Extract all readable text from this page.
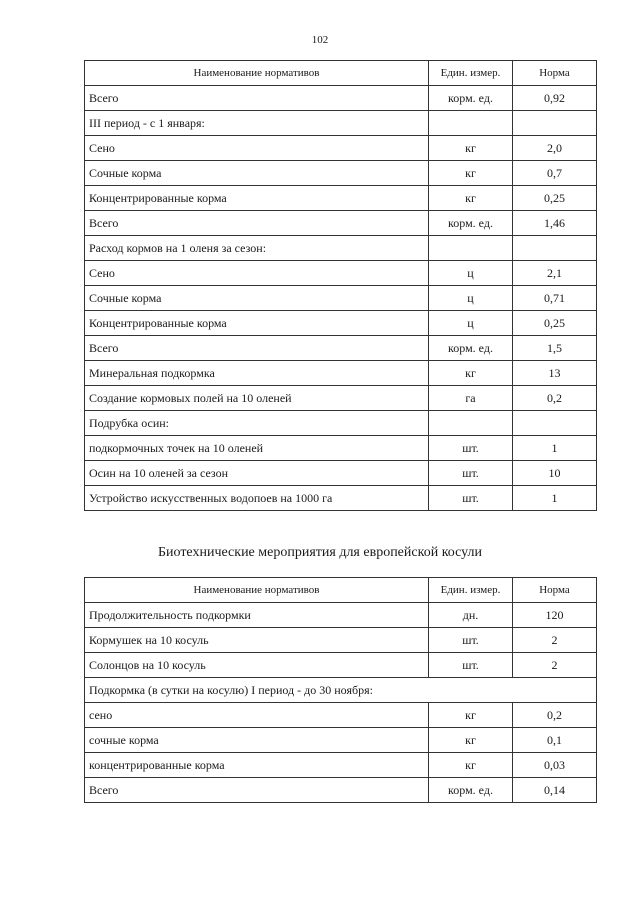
102
Наименование нормативов	Един. измер.	Норма
Всего	корм. ед.	0,92
III период - с 1 января:		
Сено	кг	2,0
Сочные корма	кг	0,7
Концентрированные корма	кг	0,25
Всего	корм. ед.	1,46
Расход кормов на 1 оленя за сезон:		
Сено	ц	2,1
Сочные корма	ц	0,71
Концентрированные корма	ц	0,25
Всего	корм. ед.	1,5
Минеральная подкормка	кг	13
Создание кормовых полей на 10 оленей	га	0,2
Подрубка осин:		
подкормочных точек на 10 оленей	шт.	1
Осин на 10 оленей за сезон	шт.	10
Устройство искусственных водопоев на 1000 га	шт.	1
Биотехнические мероприятия для европейской косули
Наименование нормативов	Един. измер.	Норма
Продолжительность подкормки	дн.	120
Кормушек на 10 косуль	шт.	2
Солонцов на 10 косуль	шт.	2
Подкормка (в сутки на косулю) I период - до 30 ноября:		
сено	кг	0,2
сочные корма	кг	0,1
концентрированные корма	кг	0,03
Всего	корм. ед.	0,14
